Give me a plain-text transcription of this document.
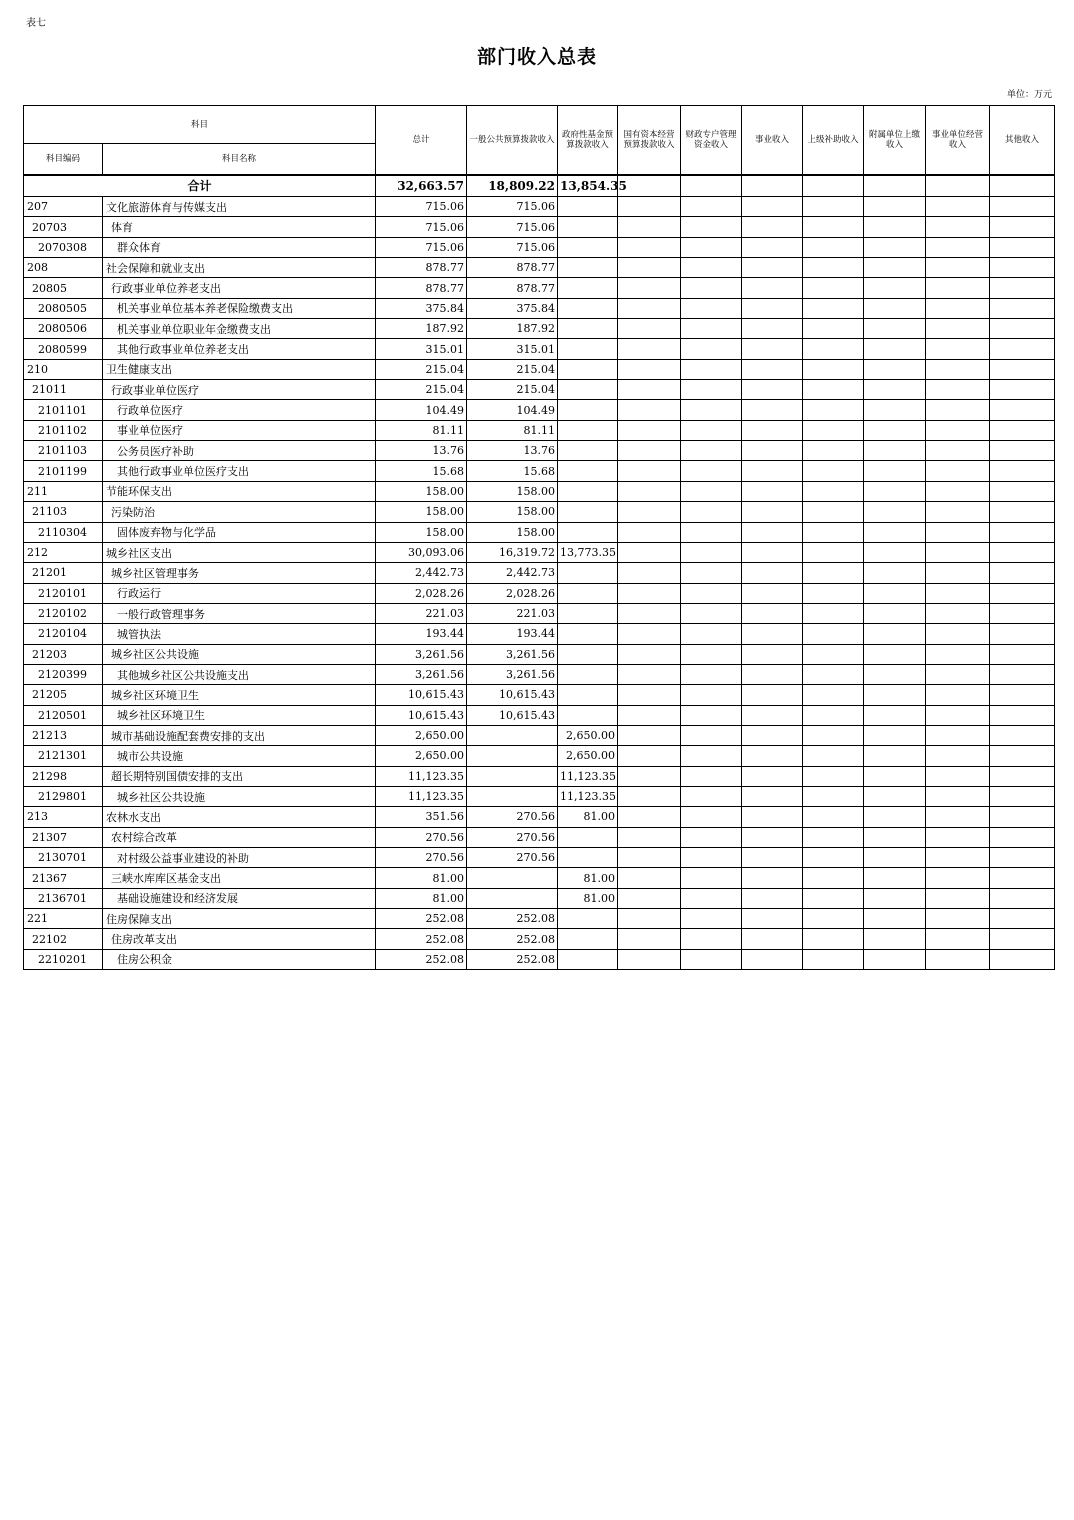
表七
部门收入总表
单位：万元
科目		总计	一般公共预算拨款收入	政府性基金预算拨款收入	国有资本经营预算拨款收入	财政专户管理资金收入	事业收入	上级补助收入	附属单位上缴收入	事业单位经营收入	其他收入
科目编码	科目名称										
合计		32,663.57	18,809.22	13,854.35							
207	文化旅游体育与传媒支出	715.06	715.06								
20703	体育	715.06	715.06								
2070308	群众体育	715.06	715.06								
208	社会保障和就业支出	878.77	878.77								
20805	行政事业单位养老支出	878.77	878.77								
2080505	机关事业单位基本养老保险缴费支出	375.84	375.84								
2080506	机关事业单位职业年金缴费支出	187.92	187.92								
2080599	其他行政事业单位养老支出	315.01	315.01								
210	卫生健康支出	215.04	215.04								
21011	行政事业单位医疗	215.04	215.04								
2101101	行政单位医疗	104.49	104.49								
2101102	事业单位医疗	81.11	81.11								
2101103	公务员医疗补助	13.76	13.76								
2101199	其他行政事业单位医疗支出	15.68	15.68								
211	节能环保支出	158.00	158.00								
21103	污染防治	158.00	158.00								
2110304	固体废弃物与化学品	158.00	158.00								
212	城乡社区支出	30,093.06	16,319.72	13,773.35							
21201	城乡社区管理事务	2,442.73	2,442.73								
2120101	行政运行	2,028.26	2,028.26								
2120102	一般行政管理事务	221.03	221.03								
2120104	城管执法	193.44	193.44								
21203	城乡社区公共设施	3,261.56	3,261.56								
2120399	其他城乡社区公共设施支出	3,261.56	3,261.56								
21205	城乡社区环境卫生	10,615.43	10,615.43								
2120501	城乡社区环境卫生	10,615.43	10,615.43								
21213	城市基础设施配套费安排的支出	2,650.00		2,650.00							
2121301	城市公共设施	2,650.00		2,650.00							
21298	超长期特别国债安排的支出	11,123.35		11,123.35							
2129801	城乡社区公共设施	11,123.35		11,123.35							
213	农林水支出	351.56	270.56	81.00							
21307	农村综合改革	270.56	270.56								
2130701	对村级公益事业建设的补助	270.56	270.56								
21367	三峡水库库区基金支出	81.00		81.00							
2136701	基础设施建设和经济发展	81.00		81.00							
221	住房保障支出	252.08	252.08								
22102	住房改革支出	252.08	252.08								
2210201	住房公积金	252.08	252.08								
